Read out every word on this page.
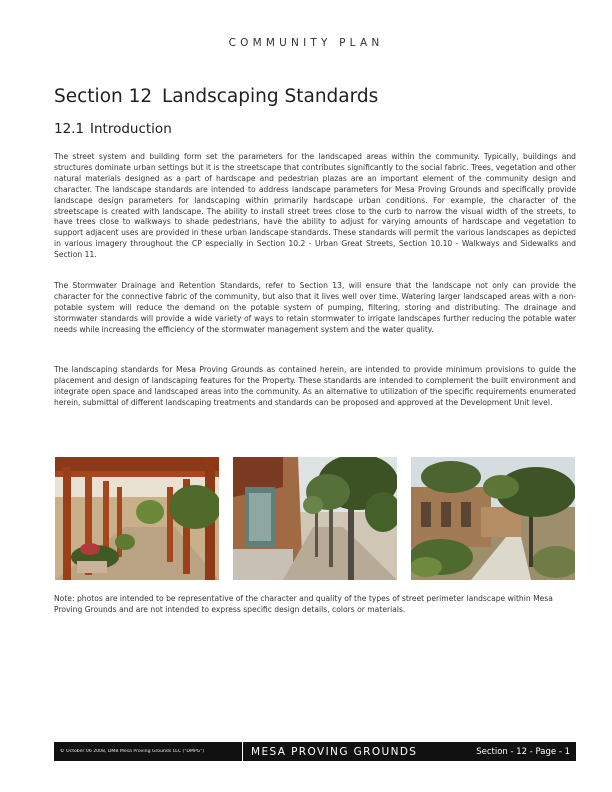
COMMUNITY PLAN
Section 12 Landscaping Standards
12.1 Introduction

The street system and building form set the parameters for the landscaped areas within the community. Typically, buildings and structures dominate urban settings but it is the streetscape that contributes significantly to the social fabric. Trees, vegetation and other natural materials designed as a part of hardscape and pedestrian plazas are an important element of the community design and character. The landscape standards are intended to address landscape parameters for Mesa Proving Grounds and specifically provide landscape design parameters for landscaping within primarily hardscape urban conditions. For example, the character of the streetscape is created with landscape. The ability to install street trees close to the curb to narrow the visual width of the streets, to have trees close to walkways to shade pedestrians, have the ability to adjust for varying amounts of hardscape and vegetation to support adjacent uses are provided in these urban landscape standards. These standards will permit the various landscapes as depicted in various imagery throughout the CP especially in Section 10.2 - Urban Great Streets, Section 10.10 - Walkways and Sidewalks and Section 11.

The Stormwater Drainage and Retention Standards, refer to Section 13, will ensure that the landscape not only can provide the character for the connective fabric of the community, but also that it lives well over time. Watering larger landscaped areas with a non-potable system will reduce the demand on the potable system of pumping, filtering, storing and distributing. The drainage and stormwater standards will provide a wide variety of ways to retain stormwater to irrigate landscapes further reducing the potable water needs while increasing the efficiency of the stormwater management system and the water quality.

The landscaping standards for Mesa Proving Grounds as contained herein, are intended to provide minimum provisions to guide the placement and design of landscaping features for the Property. These standards are intended to complement the built environment and integrate open space and landscaped areas into the community. As an alternative to utilization of the specific requirements enumerated herein, submittal of different landscaping treatments and standards can be proposed and approved at the Development Unit level.

Note: photos are intended to be representative of the character and quality of the types of street perimeter landscape within Mesa Proving Grounds and are not intended to express specific design details, colors or materials.

© October 06 2008, DMB Mesa Proving Grounds LLC ("DMPG")	MESA PROVING GROUNDS	Section - 12 - Page - 1
